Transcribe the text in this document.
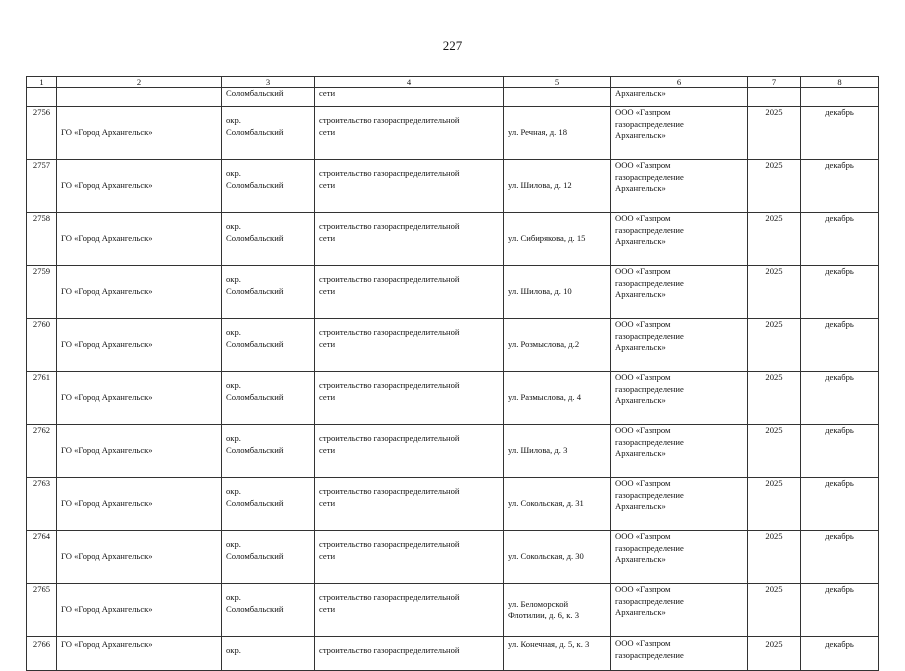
227
1	2	3	4	5	6	7	8
		Соломбальский	сети		Архангельск»		
2756	ГО «Город Архангельск»	окр.
Соломбальский	строительство газораспределительной
сети	ул. Речная, д. 18	ООО «Газпром
газораспределение
Архангельск»	2025	декабрь
2757	ГО «Город Архангельск»	окр.
Соломбальский	строительство газораспределительной
сети	ул. Шилова, д. 12	ООО «Газпром
газораспределение
Архангельск»	2025	декабрь
2758	ГО «Город Архангельск»	окр.
Соломбальский	строительство газораспределительной
сети	ул. Сибирякова, д. 15	ООО «Газпром
газораспределение
Архангельск»	2025	декабрь
2759	ГО «Город Архангельск»	окр.
Соломбальский	строительство газораспределительной
сети	ул. Шилова, д. 10	ООО «Газпром
газораспределение
Архангельск»	2025	декабрь
2760	ГО «Город Архангельск»	окр.
Соломбальский	строительство газораспределительной
сети	ул. Розмыслова, д.2	ООО «Газпром
газораспределение
Архангельск»	2025	декабрь
2761	ГО «Город Архангельск»	окр.
Соломбальский	строительство газораспределительной
сети	ул. Размыслова, д. 4	ООО «Газпром
газораспределение
Архангельск»	2025	декабрь
2762	ГО «Город Архангельск»	окр.
Соломбальский	строительство газораспределительной
сети	ул. Шилова, д. 3	ООО «Газпром
газораспределение
Архангельск»	2025	декабрь
2763	ГО «Город Архангельск»	окр.
Соломбальский	строительство газораспределительной
сети	ул. Сокольская, д. 31	ООО «Газпром
газораспределение
Архангельск»	2025	декабрь
2764	ГО «Город Архангельск»	окр.
Соломбальский	строительство газораспределительной
сети	ул. Сокольская, д. 30	ООО «Газпром
газораспределение
Архангельск»	2025	декабрь
2765	ГО «Город Архангельск»	окр.
Соломбальский	строительство газораспределительной
сети	ул. Беломорской
Флотилии, д. 6, к. 3	ООО «Газпром
газораспределение
Архангельск»	2025	декабрь
2766	ГО «Город Архангельск»	окр.	строительство газораспределительной	ул. Конечная, д. 5, к. 3	ООО «Газпром
газораспределение	2025	декабрь
